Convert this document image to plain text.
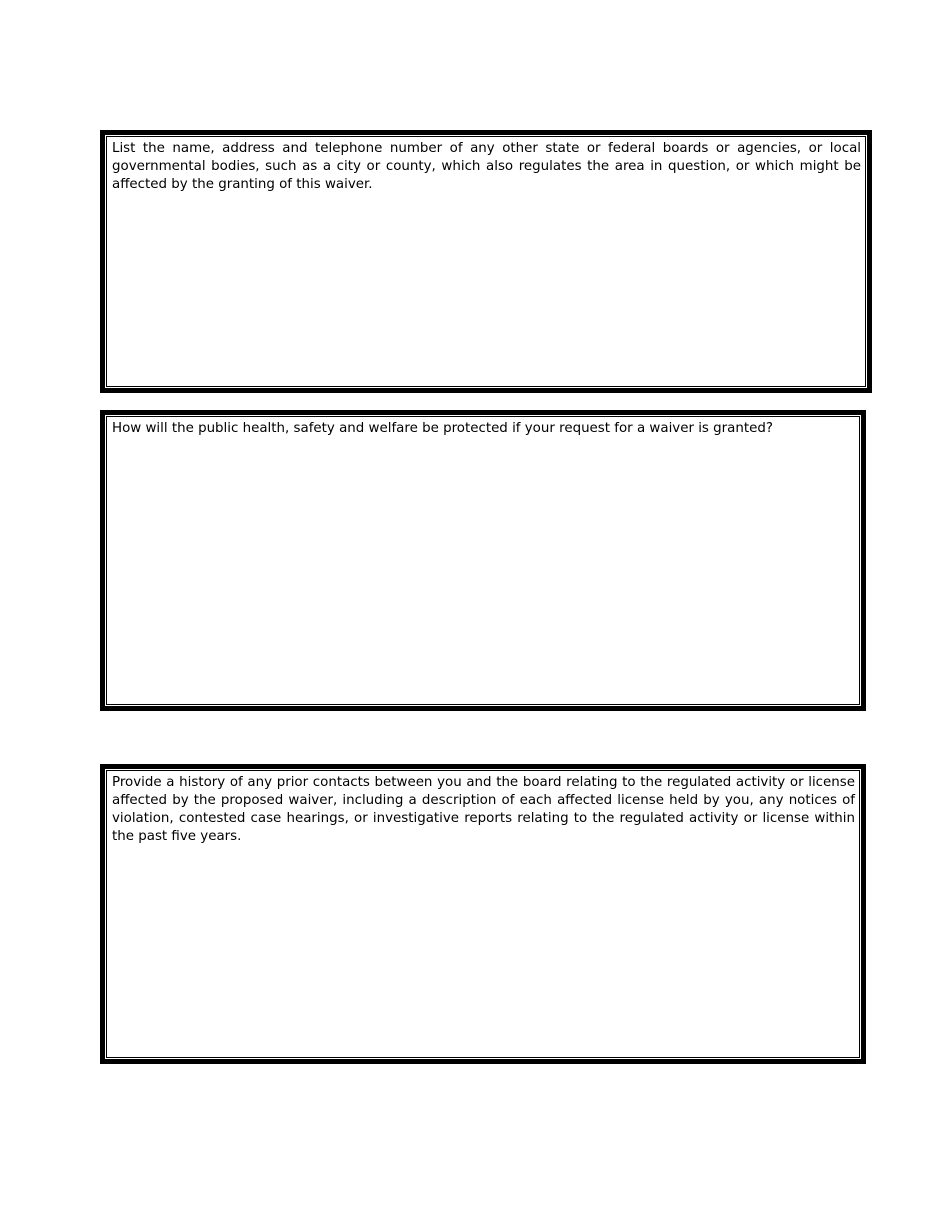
List the name, address and telephone number of any other state or federal boards or agencies, or local governmental bodies, such as a city or county, which also regulates the area in question, or which might be affected by the granting of this waiver.

How will the public health, safety and welfare be protected if your request for a waiver is granted?

Provide a history of any prior contacts between you and the board relating to the regulated activity or license affected by the proposed waiver, including a description of each affected license held by you, any notices of violation, contested case hearings, or investigative reports relating to the regulated activity or license within the past five years.
